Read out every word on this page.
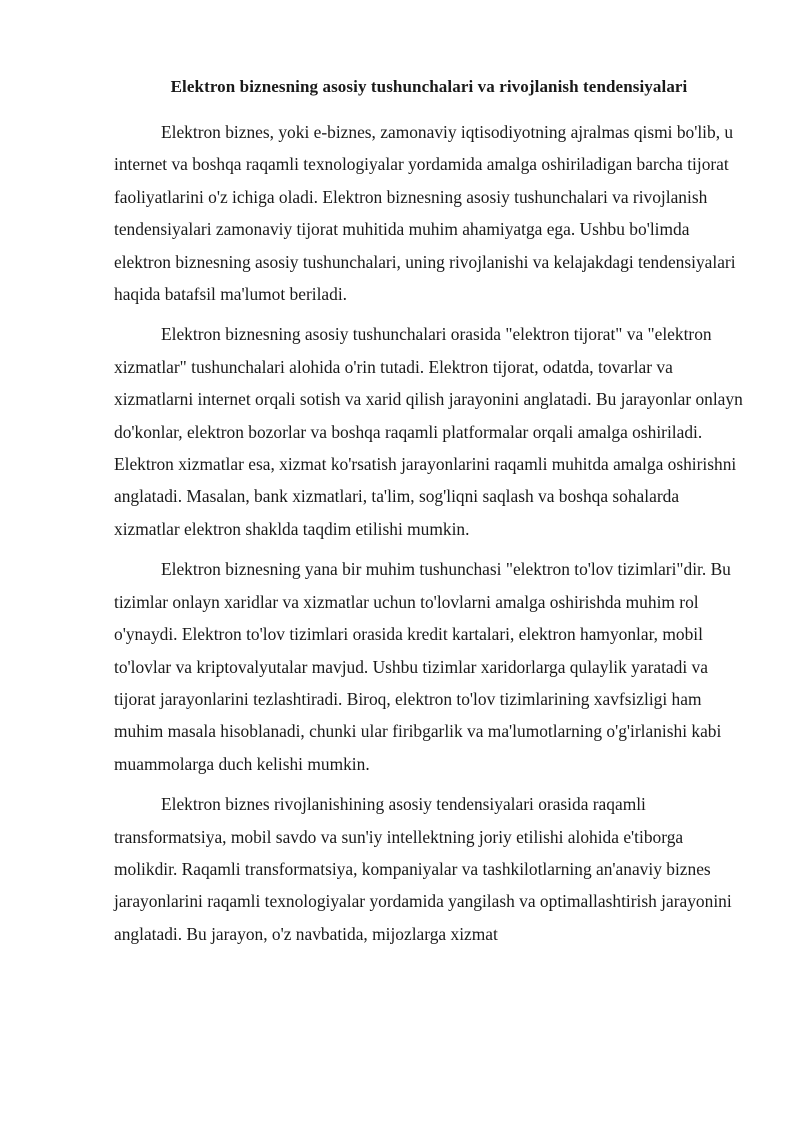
Elektron biznesning asosiy tushunchalari va rivojlanish tendensiyalari

Elektron biznes, yoki e-biznes, zamonaviy iqtisodiyotning ajralmas qismi bo'lib, u internet va boshqa raqamli texnologiyalar yordamida amalga oshiriladigan barcha tijorat faoliyatlarini o'z ichiga oladi. Elektron biznesning asosiy tushunchalari va rivojlanish tendensiyalari zamonaviy tijorat muhitida muhim ahamiyatga ega. Ushbu bo'limda elektron biznesning asosiy tushunchalari, uning rivojlanishi va kelajakdagi tendensiyalari haqida batafsil ma'lumot beriladi.

Elektron biznesning asosiy tushunchalari orasida "elektron tijorat" va "elektron xizmatlar" tushunchalari alohida o'rin tutadi. Elektron tijorat, odatda, tovarlar va xizmatlarni internet orqali sotish va xarid qilish jarayonini anglatadi. Bu jarayonlar onlayn do'konlar, elektron bozorlar va boshqa raqamli platformalar orqali amalga oshiriladi. Elektron xizmatlar esa, xizmat ko'rsatish jarayonlarini raqamli muhitda amalga oshirishni anglatadi. Masalan, bank xizmatlari, ta'lim, sog'liqni saqlash va boshqa sohalarda xizmatlar elektron shaklda taqdim etilishi mumkin.

Elektron biznesning yana bir muhim tushunchasi "elektron to'lov tizimlari"dir. Bu tizimlar onlayn xaridlar va xizmatlar uchun to'lovlarni amalga oshirishda muhim rol o'ynaydi. Elektron to'lov tizimlari orasida kredit kartalari, elektron hamyonlar, mobil to'lovlar va kriptovalyutalar mavjud. Ushbu tizimlar xaridorlarga qulaylik yaratadi va tijorat jarayonlarini tezlashtiradi. Biroq, elektron to'lov tizimlarining xavfsizligi ham muhim masala hisoblanadi, chunki ular firibgarlik va ma'lumotlarning o'g'irlanishi kabi muammolarga duch kelishi mumkin.

Elektron biznes rivojlanishining asosiy tendensiyalari orasida raqamli transformatsiya, mobil savdo va sun'iy intellektning joriy etilishi alohida e'tiborga molikdir. Raqamli transformatsiya, kompaniyalar va tashkilotlarning an'anaviy biznes jarayonlarini raqamli texnologiyalar yordamida yangilash va optimallashtirish jarayonini anglatadi. Bu jarayon, o'z navbatida, mijozlarga xizmat
